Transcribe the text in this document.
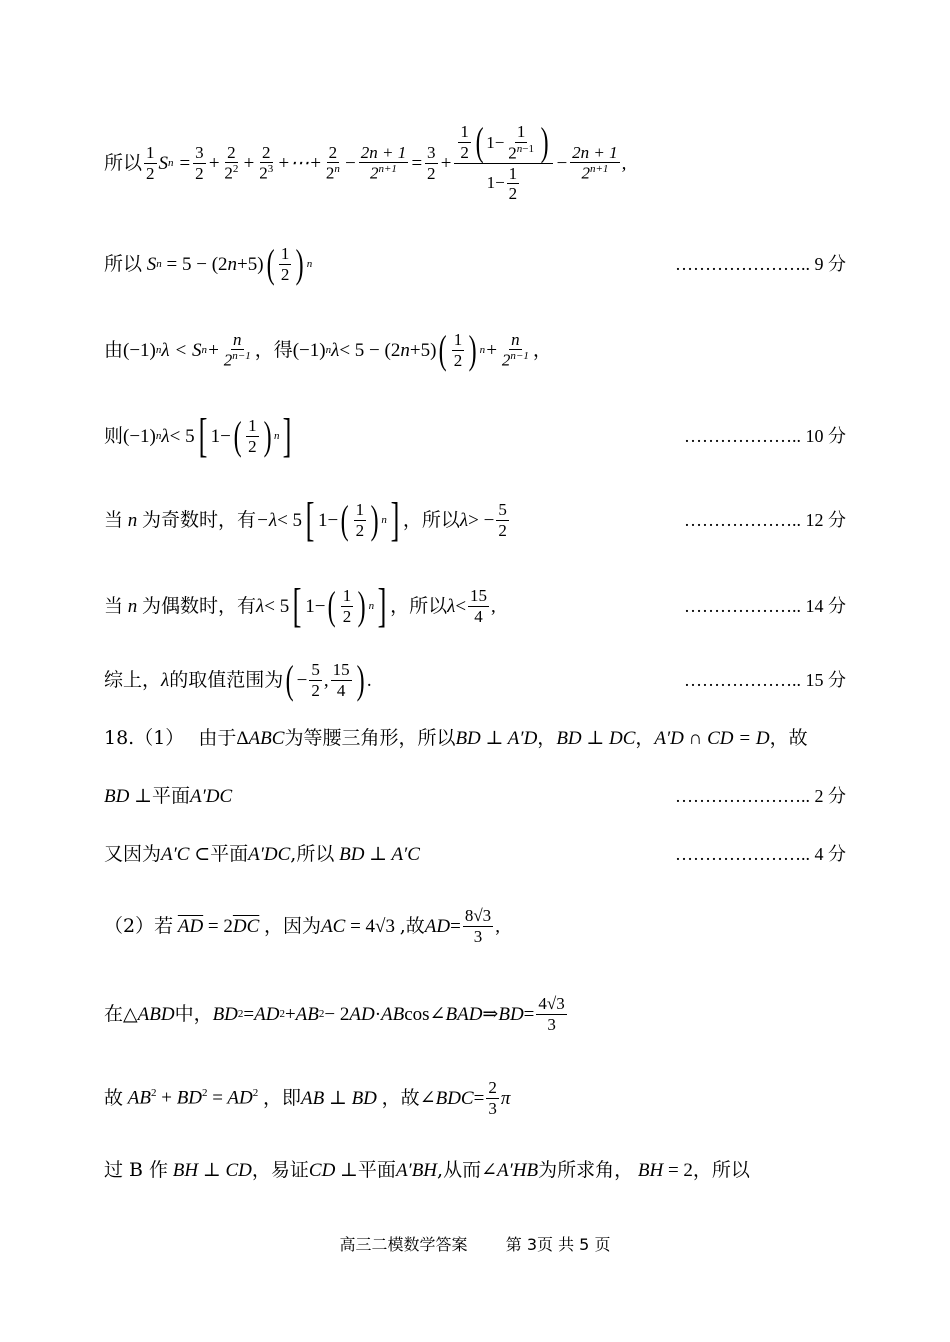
所以 $\frac{1}{2}$ S $n = \frac{3}{2} + \frac{2}{2^2} + \frac{2}{2^3}$ +⋯+ $\frac{2}{2^n} - \frac{2n + 1}{2^{n+1}} = \frac{3}{2} + \frac{\frac{1}{2} ( 1- \frac{1}{2^{n-1}} )}{1- \frac{1}{2}} - \frac{2n + 1}{2^{n+1}}$ ,
所以 S n
= 5 − (2 n +5) ( $\frac{1}{2}$ ) n	………………….. 9 分
由 (−1) n λ < S $n + \frac{n}{2^{n-1}}$ ，得 (−1) n λ < 5 − (2 n +5) ( $\frac{1}{2}$ ) $n + \frac{n}{2^{n-1}}$ ，
则 (−1) n λ < 5 [ 1− ( $\frac{1}{2}$ ) n ]	……………….. 10 分
当 n 为奇数时，有 −λ < 5 [ 1− ( $\frac{1}{2}$ ) n ] ，所以 λ > − $\frac{5}{2}$	……………….. 12 分
当 n 为偶数时，有 λ < 5 [ 1− ( $\frac{1}{2}$ ) n ] ，所以 $\lambda < \frac{15}{4}$ ,	……………….. 14 分
综上， λ 的取值范围为 ( − $\frac{5}{2}$ , $\frac{15}{4}$ ) .	……………….. 15 分
18.（1） 由于 ΔABC 为等腰三角形，所以 BD ⊥ A′D，BD ⊥ DC，A′D ∩ CD = D ，故
BD ⊥ 平面 A′DC	………………….. 2 分
又因为 A′C ⊂ 平面 A′DC ,所以 BD ⊥ A′C	………………….. 4 分
（2）若 $\overline{AD} = 2\overline{DC}$ ，因为 AC = 4√3 ,故 AD = $\frac{8√3}{3}$ ,
在△ ABD 中， BD 2 = AD 2 + AB 2 − 2 AD · AB cos∠ BAD ⇒ BD = $\frac{4√3}{3}$
故 $AB^2 + BD^2 = AD^2$ ，即 AB ⊥ BD ，故 ∠ BDC = $\frac{2}{3}$ π
过 B 作 BH ⊥ CD ，易证 CD ⊥ 平面 A′BH ,从而 ∠A′HB 为所求角， BH = 2 ，所以
高三二模数学答案 第 3页 共 5 页
